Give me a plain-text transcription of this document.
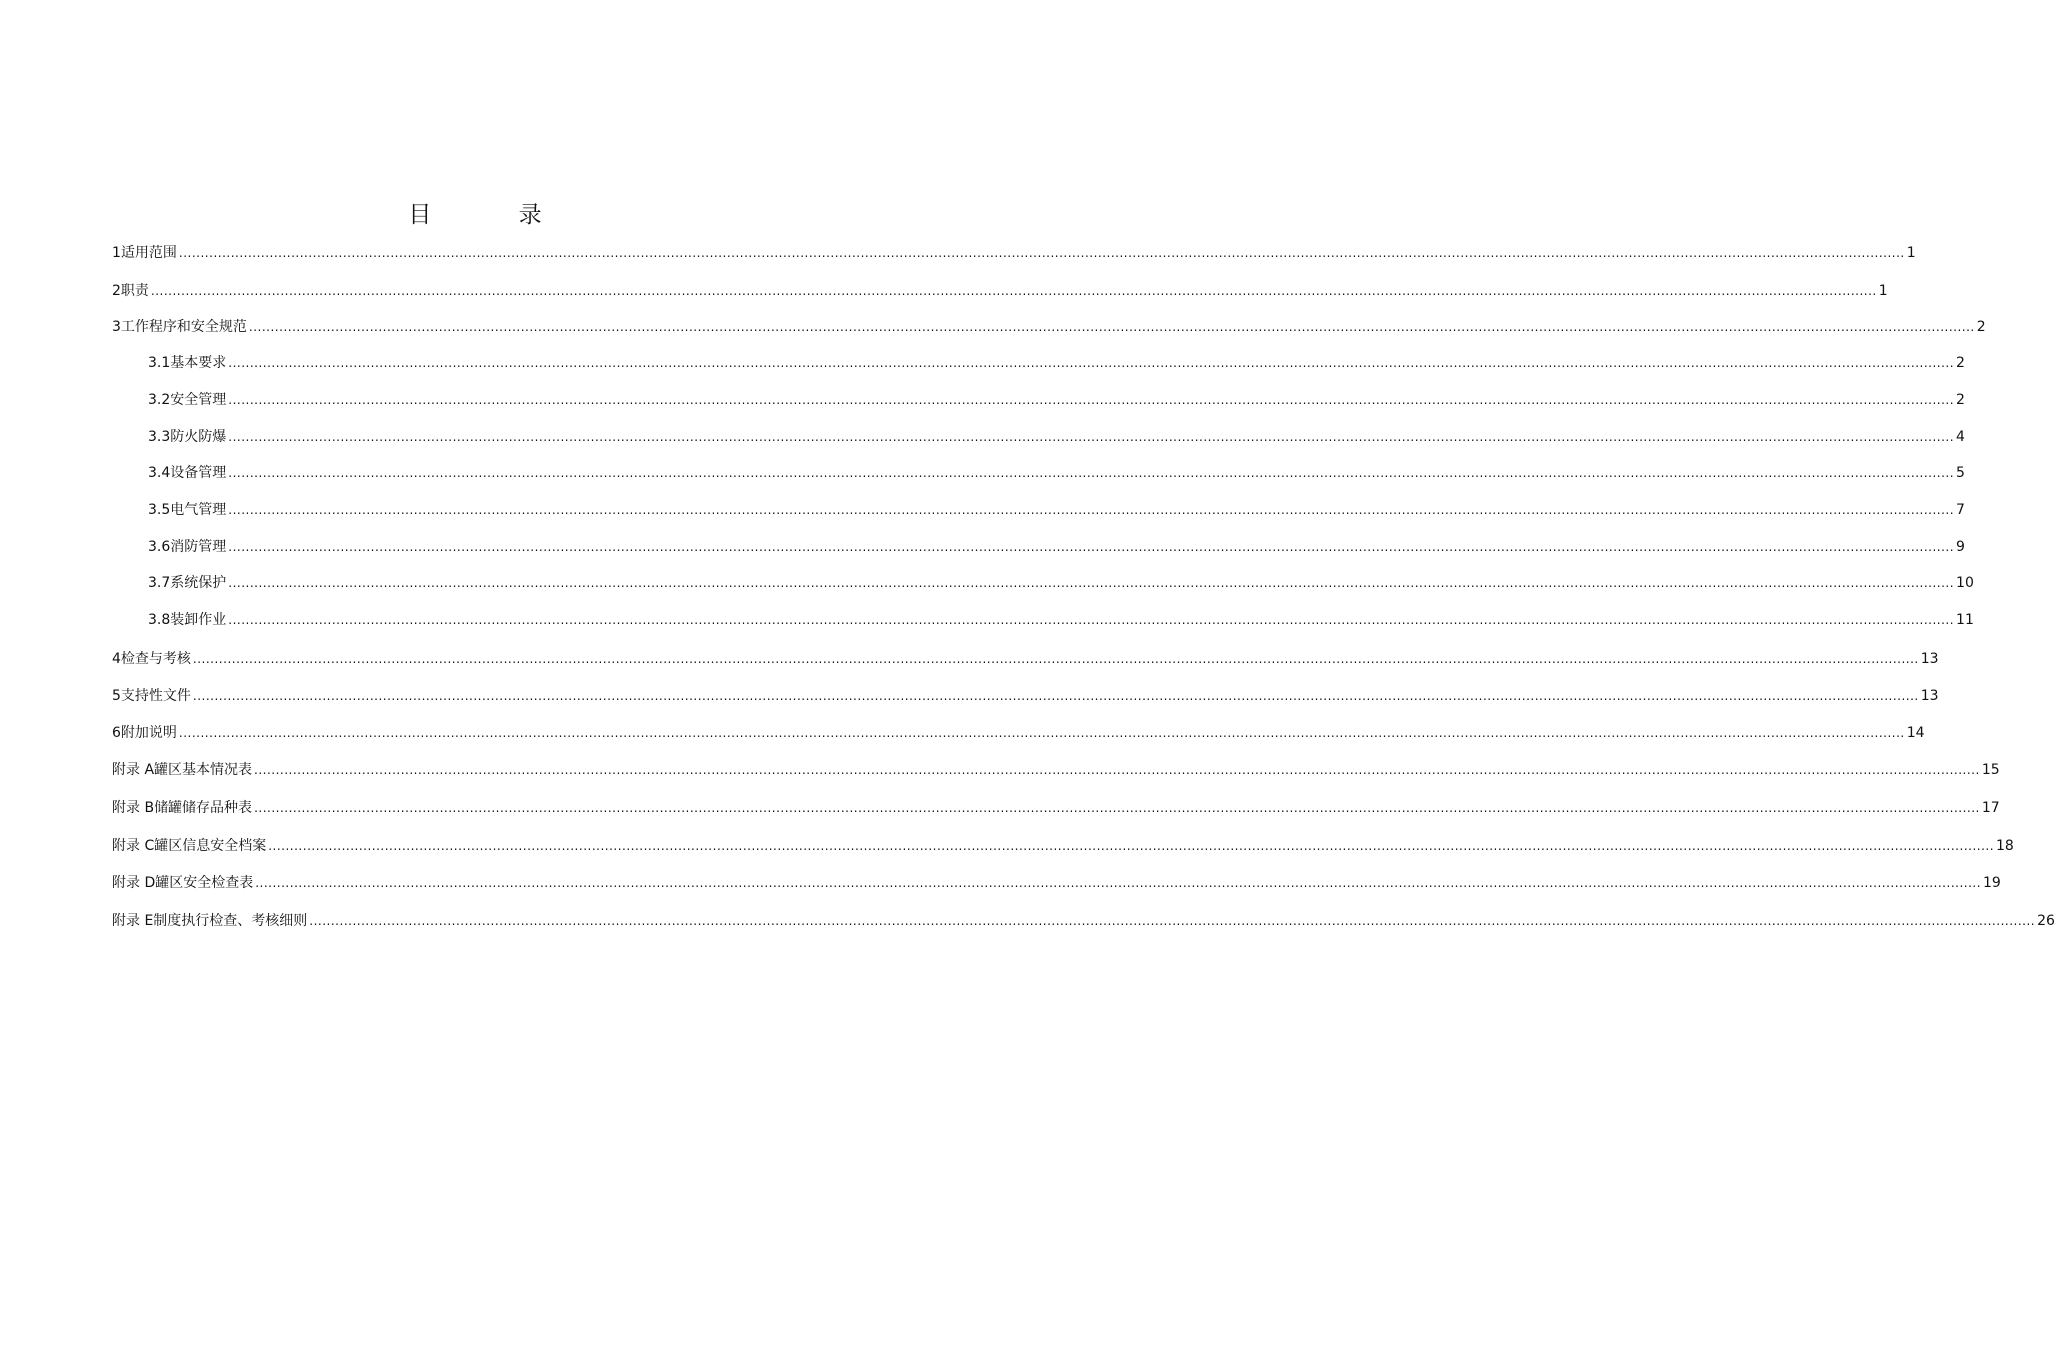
目 录
1 适用范围 ................................................................................................................................................................................................................................................................................................................................................................................................................ 1
2 职责 ................................................................................................................................................................................................................................................................................................................................................................................................................ 1
3 工作程序和安全规范 ................................................................................................................................................................................................................................................................................................................................................................................................................ 2
3.1 基本要求 ................................................................................................................................................................................................................................................................................................................................................................................................................ 2
3.2 安全管理 ................................................................................................................................................................................................................................................................................................................................................................................................................ 2
3.3 防火防爆 ................................................................................................................................................................................................................................................................................................................................................................................................................ 4
3.4 设备管理 ................................................................................................................................................................................................................................................................................................................................................................................................................ 5
3.5 电气管理 ................................................................................................................................................................................................................................................................................................................................................................................................................ 7
3.6 消防管理 ................................................................................................................................................................................................................................................................................................................................................................................................................ 9
3.7 系统保护 ................................................................................................................................................................................................................................................................................................................................................................................................................ 10
3.8 装卸作业 ................................................................................................................................................................................................................................................................................................................................................................................................................ 11
4 检查与考核 ................................................................................................................................................................................................................................................................................................................................................................................................................ 13
5 支持性文件 ................................................................................................................................................................................................................................................................................................................................................................................................................ 13
6 附加说明 ................................................................................................................................................................................................................................................................................................................................................................................................................ 14
附录 A 罐区基本情况表 ................................................................................................................................................................................................................................................................................................................................................................................................................ 15
附录 B 储罐储存品种表 ................................................................................................................................................................................................................................................................................................................................................................................................................ 17
附录 C 罐区信息安全档案 ................................................................................................................................................................................................................................................................................................................................................................................................................ 18
附录 D 罐区安全检查表 ................................................................................................................................................................................................................................................................................................................................................................................................................ 19
附录 E 制度执行检查、考核细则 ................................................................................................................................................................................................................................................................................................................................................................................................................ 26
